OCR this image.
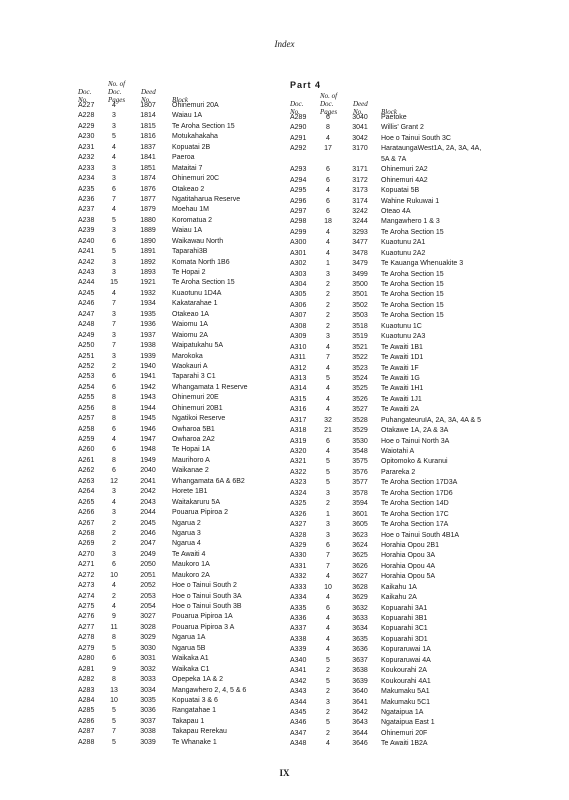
Index
No. of
Doc.
Pages
Doc.
No.
Deed
No.	Block
A227	4	1807	Ohinemuri 20A
A228	3	1814	Waiau 1A
A229	3	1815	Te Aroha Section 15
A230	5	1816	Motukahakaha
A231	4	1837	Kopuatai 2B
A232	4	1841	Paeroa
A233	3	1851	Mataitai 7
A234	3	1874	Ohinemuri 20C
A235	6	1876	Otakeao 2
A236	7	1877	Ngatitaharua Reserve
A237	4	1879	Moehau 1M
A238	5	1880	Koromatua 2
A239	3	1889	Waiau 1A
A240	6	1890	Waikawau North
A241	5	1891	Taparahi3B
A242	3	1892	Komata North 1B6
A243	3	1893	Te Hopai 2
A244	15	1921	Te Aroha Section 15
A245	4	1932	Kuaotunu 1D4A
A246	7	1934	Kakatarahae 1
A247	3	1935	Otakeao 1A
A248	7	1936	Waiomu 1A
A249	3	1937	Waiomu 2A
A250	7	1938	Waipatukahu 5A
A251	3	1939	Marokoka
A252	2	1940	Waokauri A
A253	6	1941	Taparahi 3 C1
A254	6	1942	Whangamata 1 Reserve
A255	8	1943	Ohinemuri 20E
A256	8	1944	Ohinemuri 20B1
A257	8	1945	Ngatikoi Reserve
A258	6	1946	Owharoa 5B1
A259	4	1947	Owharoa 2A2
A260	6	1948	Te Hopai 1A
A261	8	1949	Maurihoro A
A262	6	2040	Waikanae 2
A263	12	2041	Whangamata 6A & 6B2
A264	3	2042	Horete 1B1
A265	4	2043	Waitakaruru 5A
A266	3	2044	Pouarua Pipiroa 2
A267	2	2045	Ngarua 2
A268	2	2046	Ngarua 3
A269	2	2047	Ngarua 4
A270	3	2049	Te Awaiti 4
A271	6	2050	Maukoro 1A
A272	10	2051	Maukoro 2A
A273	4	2052	Hoe o Tainui South 2
A274	2	2053	Hoe o Tainui South 3A
A275	4	2054	Hoe o Tainui South 3B
A276	9	3027	Pouarua Pipiroa 1A
A277	11	3028	Pouarua Pipiroa 3 A
A278	8	3029	Ngarua 1A
A279	5	3030	Ngarua 5B
A280	6	3031	Waikaka A1
A281	9	3032	Waikaka C1
A282	8	3033	Opepeka 1A & 2
A283	13	3034	Mangawhero 2, 4, 5 & 6
A284	10	3035	Kopuatai 3 & 6
A285	5	3036	Rangatahae 1
A286	5	3037	Takapau 1
A287	7	3038	Takapau Rerekau
A288	5	3039	Te Whanake 1
Part 4
No. of
Doc.
Pages
Doc.
No.
Deed
No.	Block
A289	6	3040	Paetoke
A290	8	3041	Willis' Grant 2
A291	4	3042	Hoe o Tainui South 3C
A292	17	3170	HarataungaWest1A, 2A, 3A, 4A,
5A & 7A
A293	6	3171	Ohinemuri 2A2
A294	6	3172	Ohinemuri 4A2
A295	4	3173	Kopuatai 5B
A296	6	3174	Wahine Rukuwai 1
A297	6	3242	Oteao 4A
A298	18	3244	Mangawhero 1 & 3
A299	4	3293	Te Aroha Section 15
A300	4	3477	Kuaotunu 2A1
A301	4	3478	Kuaotunu 2A2
A302	1	3479	Te Kauanga Whenuakite 3
A303	3	3499	Te Aroha Section 15
A304	2	3500	Te Aroha Section 15
A305	2	3501	Te Aroha Section 15
A306	2	3502	Te Aroha Section 15
A307	2	3503	Te Aroha Section 15
A308	2	3518	Kuaotunu 1C
A309	3	3519	Kuaotunu 2A3
A310	4	3521	Te Awaiti 1B1
A311	7	3522	Te Awaiti 1D1
A312	4	3523	Te Awaiti 1F
A313	5	3524	Te Awaiti 1G
A314	4	3525	Te Awaiti 1H1
A315	4	3526	Te Awaiti 1J1
A316	4	3527	Te Awaiti 2A
A317	32	3528	PuhangateuruIA, 2A, 3A, 4A & 5
A318	21	3529	Otakawe 1A, 2A & 3A
A319	6	3530	Hoe o Tainui North 3A
A320	4	3548	Waiotahi A
A321	5	3575	Opitomoko & Kuranui
A322	5	3576	Parareka 2
A323	5	3577	Te Aroha Section 17D3A
A324	3	3578	Te Aroha Section 17D6
A325	2	3594	Te Aroha Section 14D
A326	1	3601	Te Aroha Section 17C
A327	3	3605	Te Aroha Section 17A
A328	3	3623	Hoe o Tainui South 4B1A
A329	6	3624	Horahia Opou 2B1
A330	7	3625	Horahia Opou 3A
A331	7	3626	Horahia Opou 4A
A332	4	3627	Horahia Opou 5A
A333	10	3628	Kaikahu 1A
A334	4	3629	Kaikahu 2A
A335	6	3632	Kopuarahi 3A1
A336	4	3633	Kopuarahi 3B1
A337	4	3634	Kopuarahi 3C1
A338	4	3635	Kopuarahi 3D1
A339	4	3636	Kopuraruwai 1A
A340	5	3637	Kopuraruwai 4A
A341	2	3638	Koukourahi 2A
A342	5	3639	Koukourahi 4A1
A343	2	3640	Makumaku 5A1
A344	3	3641	Makumaku 5C1
A345	2	3642	Ngataipua 1A
A346	5	3643	Ngataipua East 1
A347	2	3644	Ohinemuri 20F
A348	4	3646	Te Awaiti 1B2A
IX
